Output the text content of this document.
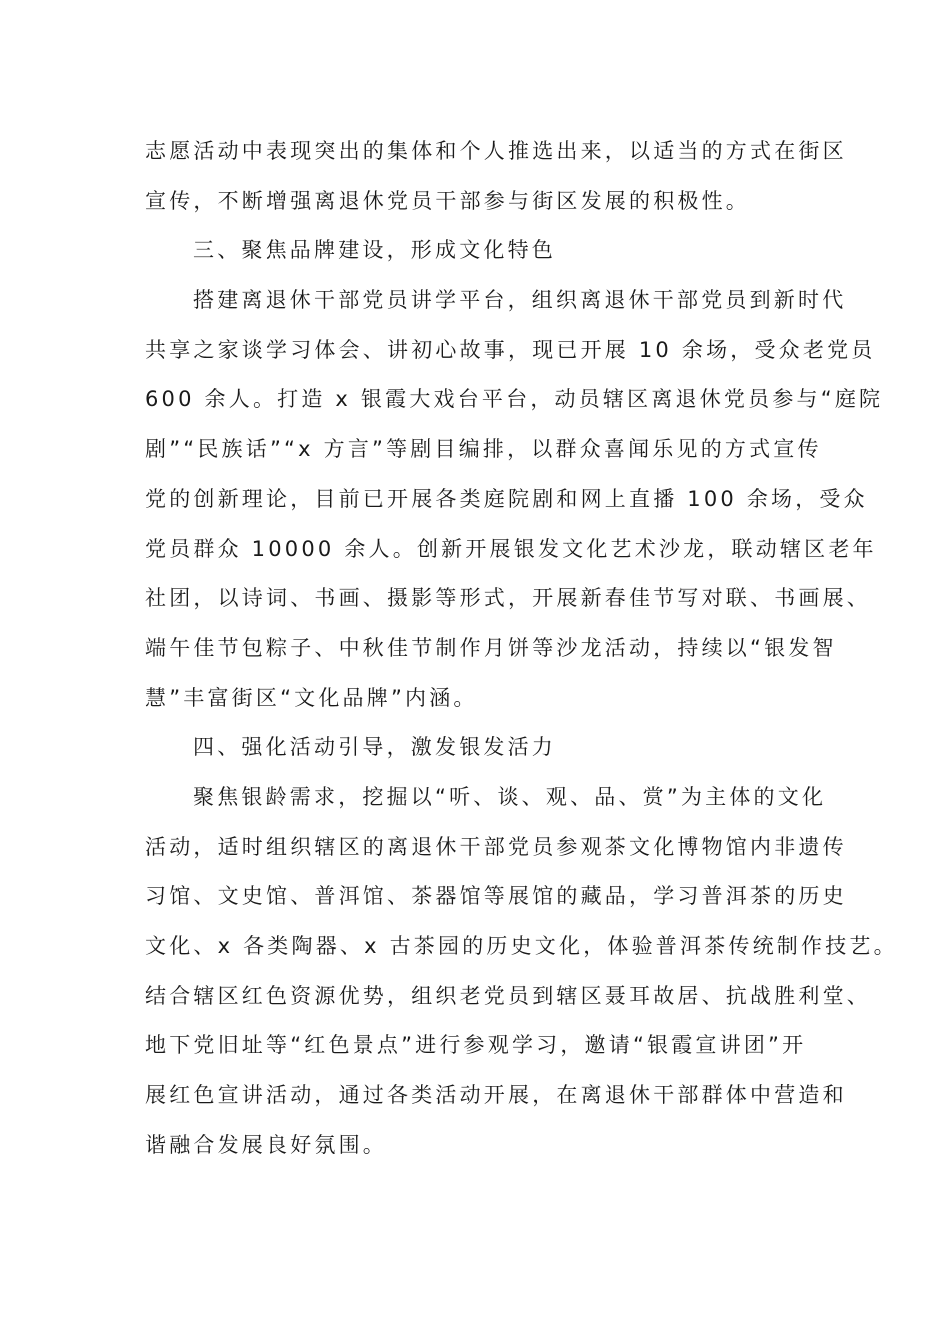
志愿活动中表现突出的集体和个人推选出来，以适当的方式在街区
宣传，不断增强离退休党员干部参与街区发展的积极性。
三、聚焦品牌建设，形成文化特色
搭建离退休干部党员讲学平台，组织离退休干部党员到新时代
共享之家谈学习体会、讲初心故事，现已开展 10 余场，受众老党员
600 余人。打造 x 银霞大戏台平台，动员辖区离退休党员参与“庭院
剧”“民族话”“x 方言”等剧目编排，以群众喜闻乐见的方式宣传
党的创新理论，目前已开展各类庭院剧和网上直播 100 余场，受众
党员群众 10000 余人。创新开展银发文化艺术沙龙，联动辖区老年
社团，以诗词、书画、摄影等形式，开展新春佳节写对联、书画展、
端午佳节包粽子、中秋佳节制作月饼等沙龙活动，持续以“银发智
慧”丰富街区“文化品牌”内涵。
四、强化活动引导，激发银发活力
聚焦银龄需求，挖掘以“听、谈、观、品、赏”为主体的文化
活动，适时组织辖区的离退休干部党员参观茶文化博物馆内非遗传
习馆、文史馆、普洱馆、茶器馆等展馆的藏品，学习普洱茶的历史
文化、x 各类陶器、x 古茶园的历史文化，体验普洱茶传统制作技艺。
结合辖区红色资源优势，组织老党员到辖区聂耳故居、抗战胜利堂、
地下党旧址等“红色景点”进行参观学习，邀请“银霞宣讲团”开
展红色宣讲活动，通过各类活动开展，在离退休干部群体中营造和
谐融合发展良好氛围。
